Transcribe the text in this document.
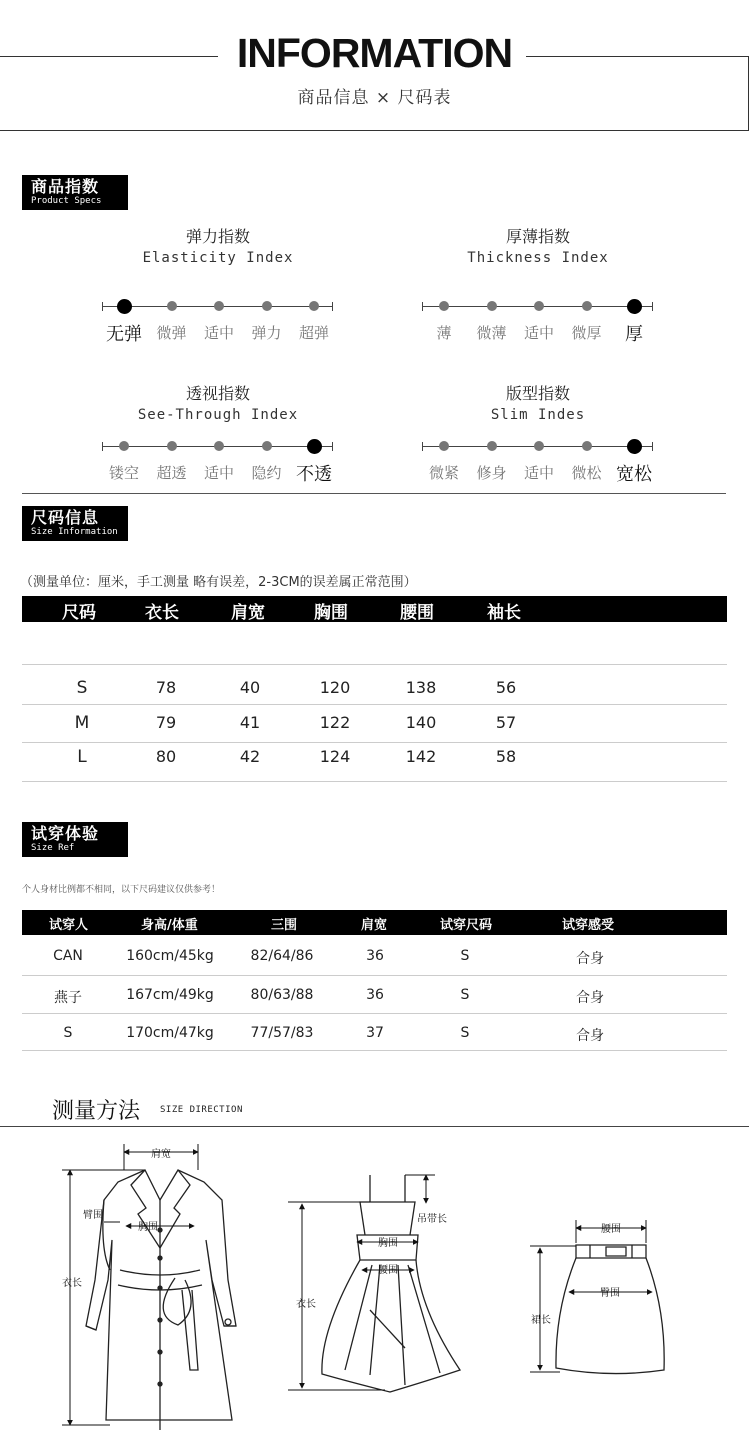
INFORMATION
商品信息 × 尺码表
商品指数
Product Specs
弹力指数
Elasticity Index
无弹 微弹	适中	弹力	超弹
厚薄指数
Thickness Index
薄	微薄	适中	微厚	厚
透视指数
See-Through Index
镂空	超透	适中	隐约 不透
版型指数
Slim Indes
微紧	修身	适中	微松 宽松
尺码信息
Size Information
（测量单位：厘米，手工测量 略有误差，2-3CM的误差属正常范围）
尺码	衣长	肩宽	胸围	腰围	袖长
S	78	40	120	138	56
M	79	41	122	140	57
L	80	42	124	142	58
试穿体验
Size Ref
个人身材比例都不相同，以下尺码建议仅供参考！
试穿人	身高/体重	三围	肩宽	试穿尺码	试穿感受
CAN	160cm/45kg	82/64/86	36	S	合身
燕子	167cm/49kg	80/63/88	36	S	合身
S	170cm/47kg	77/57/83	37	S	合身
测量方法 SIZE DIRECTION
肩宽
臂围
胸围
衣长
衣长
胸围
腰围
吊带长
腰围
臀围
裙长
